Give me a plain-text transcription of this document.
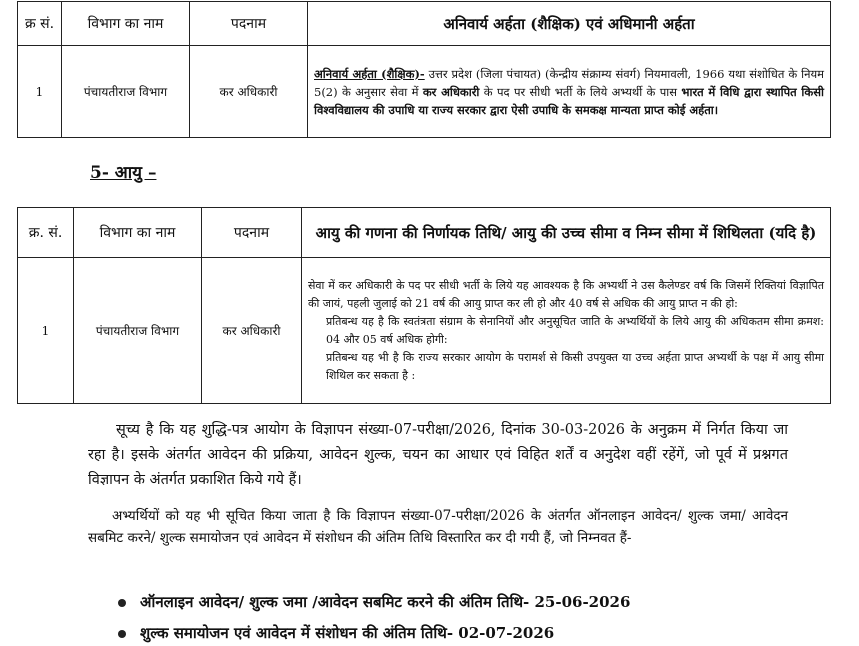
क्र सं.	विभाग का नाम	पदनाम	अनिवार्य अर्हता (शैक्षिक) एवं अधिमानी अर्हता
1	पंचायतीराज विभाग	कर अधिकारी	अनिवार्य अर्हता (शैक्षिक)- उत्तर प्रदेश (जिला पंचायत) (केन्द्रीय संक्राम्य संवर्ग) नियमावली, 1966 यथा संशोधित के नियम 5(2) के अनुसार सेवा में कर अधिकारी के पद पर सीधी भर्ती के लिये अभ्यर्थी के पास भारत में विधि द्वारा स्थापित किसी विश्वविद्यालय की उपाधि या राज्य सरकार द्वारा ऐसी उपाधि के समकक्ष मान्यता प्राप्त कोई अर्हता।
5- आयु –
क्र. सं.	विभाग का नाम	पदनाम	आयु की गणना की निर्णायक तिथि/ आयु की उच्च सीमा व निम्न सीमा में शिथिलता (यदि है)
1	पंचायतीराज विभाग	कर अधिकारी	सेवा में कर अधिकारी के पद पर सीधी भर्ती के लिये यह आवश्यक है कि अभ्यर्थी ने उस कैलेण्डर वर्ष कि जिसमें रिक्तियां विज्ञापित की जायं, पहली जुलाई को 21 वर्ष की आयु प्राप्त कर ली हो और 40 वर्ष से अधिक की आयु प्राप्त न की हो:
प्रतिबन्ध यह है कि स्वतंत्रता संग्राम के सेनानियों और अनुसूचित जाति के अभ्यर्थियों के लिये आयु की अधिकतम सीमा क्रमश: 04 और 05 वर्ष अधिक होगी:
प्रतिबन्ध यह भी है कि राज्य सरकार आयोग के परामर्श से किसी उपयुक्त या उच्च अर्हता प्राप्त अभ्यर्थी के पक्ष में आयु सीमा शिथिल कर सकता है :
सूच्य है कि यह शुद्धि-पत्र आयोग के विज्ञापन संख्या-07-परीक्षा/2026, दिनांक 30-03-2026 के अनुक्रम में निर्गत किया जा रहा है। इसके अंतर्गत आवेदन की प्रक्रिया, आवेदन शुल्क, चयन का आधार एवं विहित शर्तें व अनुदेश वहीं रहेंगें, जो पूर्व में प्रश्नगत विज्ञापन के अंतर्गत प्रकाशित किये गये हैं।
अभ्यर्थियों को यह भी सूचित किया जाता है कि विज्ञापन संख्या-07-परीक्षा/2026 के अंतर्गत ऑनलाइन आवेदन/ शुल्क जमा/ आवेदन सबमिट करने/ शुल्क समायोजन एवं आवेदन में संशोधन की अंतिम तिथि विस्तारित कर दी गयी हैं, जो निम्नवत हैं-
ऑनलाइन आवेदन/ शुल्क जमा /आवेदन सबमिट करने की अंतिम तिथि- 25-06-2026
शुल्क समायोजन एवं आवेदन में संशोधन की अंतिम तिथि- 02-07-2026
